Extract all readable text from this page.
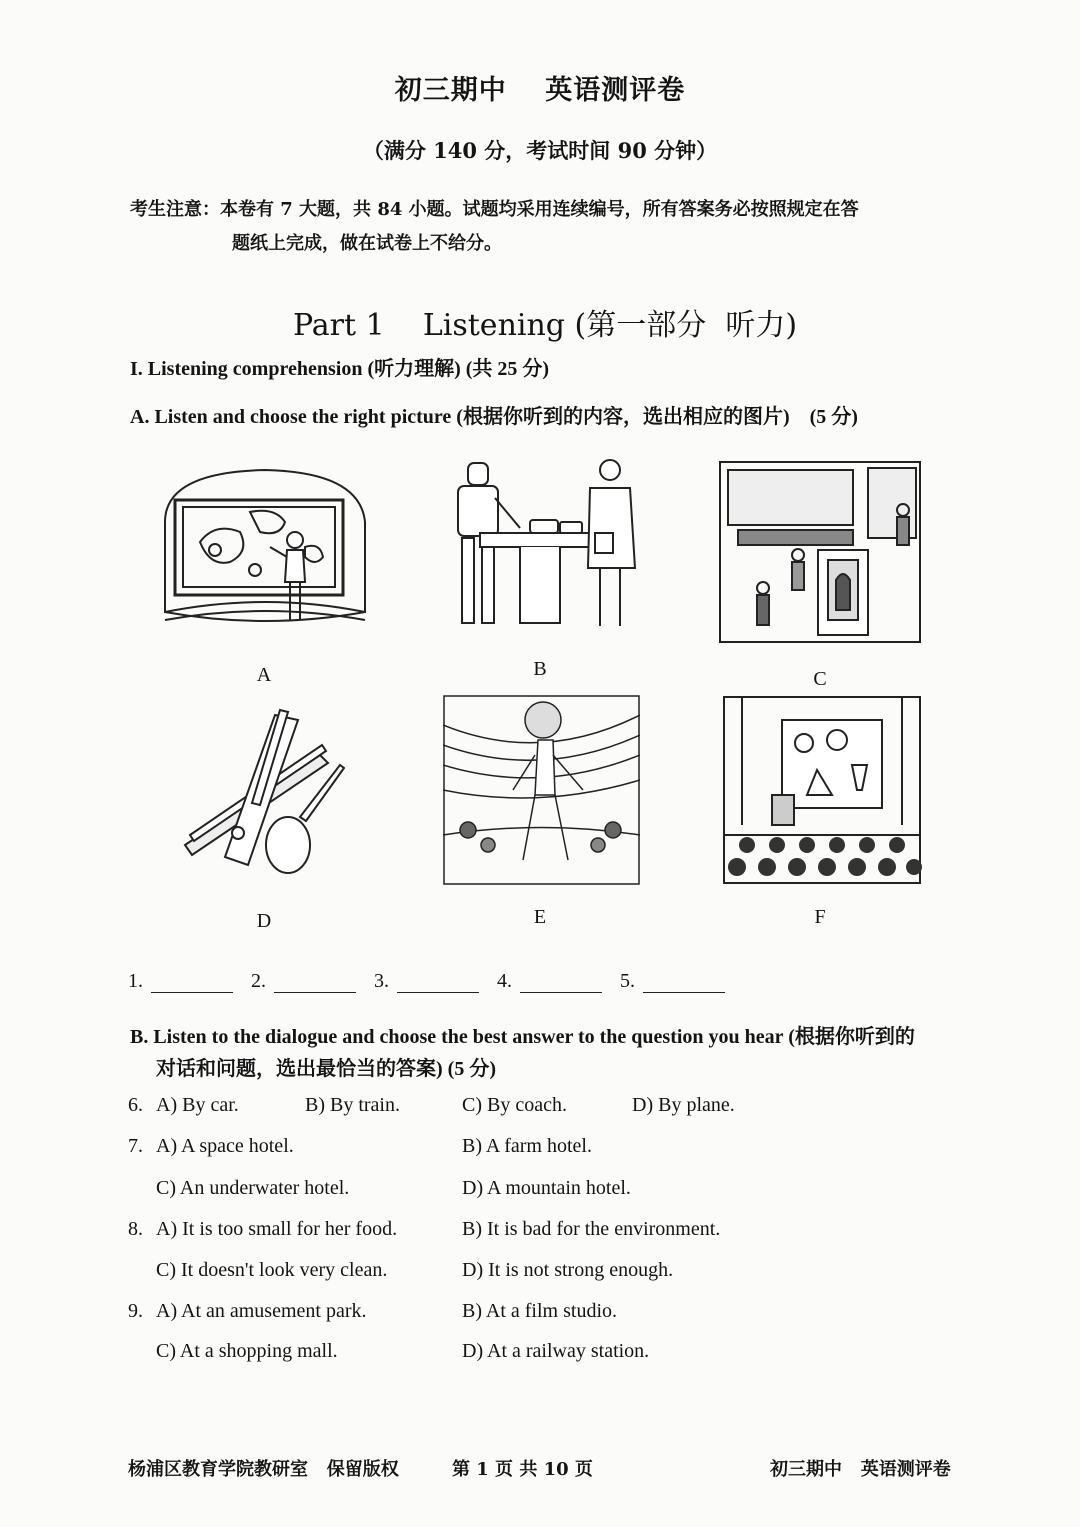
初三期中 英语测评卷
（满分 140 分，考试时间 90 分钟）
考生注意：本卷有 7 大题，共 84 小题。试题均采用连续编号，所有答案务必按照规定在答
题纸上完成，做在试卷上不给分。
Part 1    Listening (第一部分  听力)
I. Listening comprehension (听力理解) (共 25 分)
A. Listen and choose the right picture (根据你听到的内容，选出相应的图片)    (5 分)
A	B	C
D	E	F
1.	2.	3.	4.	5.
B. Listen to the dialogue and choose the best answer to the question you hear (根据你听到的
对话和问题，选出最恰当的答案) (5 分)
6. A) By car.	B) By train.	C) By coach.	D) By plane.
7. A) A space hotel.	B) A farm hotel.
C) An underwater hotel.	D) A mountain hotel.
8. A) It is too small for her food.	B) It is bad for the environment.
C) It doesn't look very clean.	D) It is not strong enough.
9. A) At an amusement park.	B) At a film studio.
C) At a shopping mall.	D) At a railway station.
杨浦区教育学院教研室   保留版权	第 1 页 共 10 页	初三期中   英语测评卷
